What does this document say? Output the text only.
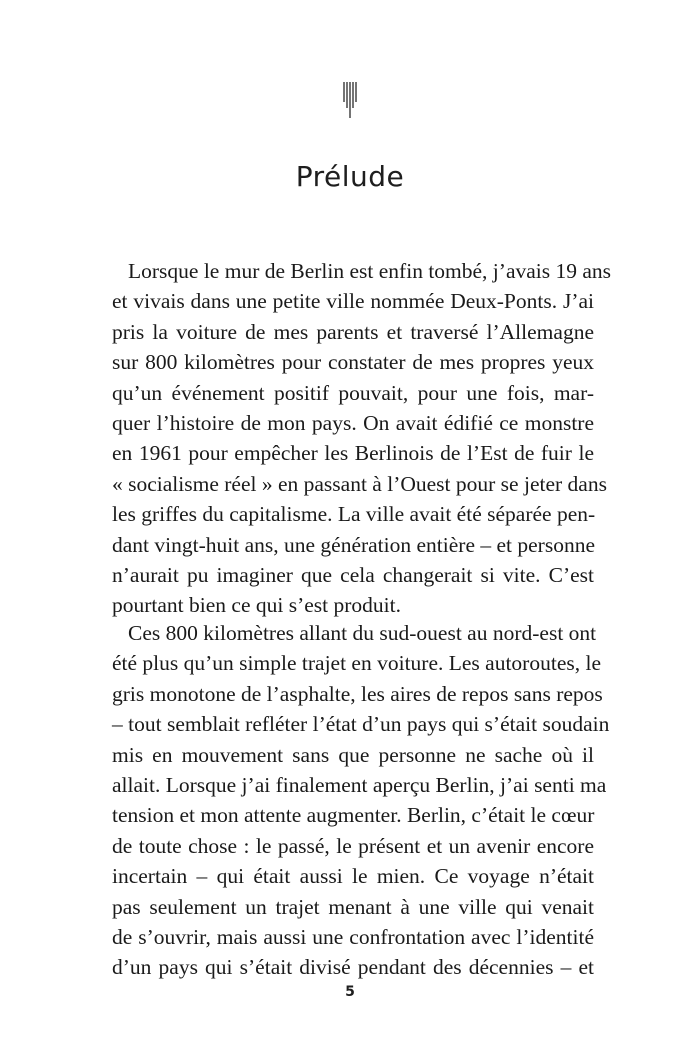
Prélude
Lorsque le mur de Berlin est enfin tombé, j’avais 19 ans
et vivais dans une petite ville nommée Deux-Ponts. J’ai
pris la voiture de mes parents et traversé l’Allemagne
sur 800 kilomètres pour constater de mes propres yeux
qu’un événement positif pouvait, pour une fois, mar-
quer l’histoire de mon pays. On avait édifié ce monstre
en 1961 pour empêcher les Berlinois de l’Est de fuir le
« socialisme réel » en passant à l’Ouest pour se jeter dans
les griffes du capitalisme. La ville avait été séparée pen-
dant vingt-huit ans, une génération entière – et personne
n’aurait pu imaginer que cela changerait si vite. C’est
pourtant bien ce qui s’est produit.
Ces 800 kilomètres allant du sud-ouest au nord-est ont
été plus qu’un simple trajet en voiture. Les autoroutes, le
gris monotone de l’asphalte, les aires de repos sans repos
– tout semblait refléter l’état d’un pays qui s’était soudain
mis en mouvement sans que personne ne sache où il
allait. Lorsque j’ai finalement aperçu Berlin, j’ai senti ma
tension et mon attente augmenter. Berlin, c’était le cœur
de toute chose : le passé, le présent et un avenir encore
incertain – qui était aussi le mien. Ce voyage n’était
pas seulement un trajet menant à une ville qui venait
de s’ouvrir, mais aussi une confrontation avec l’identité
d’un pays qui s’était divisé pendant des décennies – et
5
